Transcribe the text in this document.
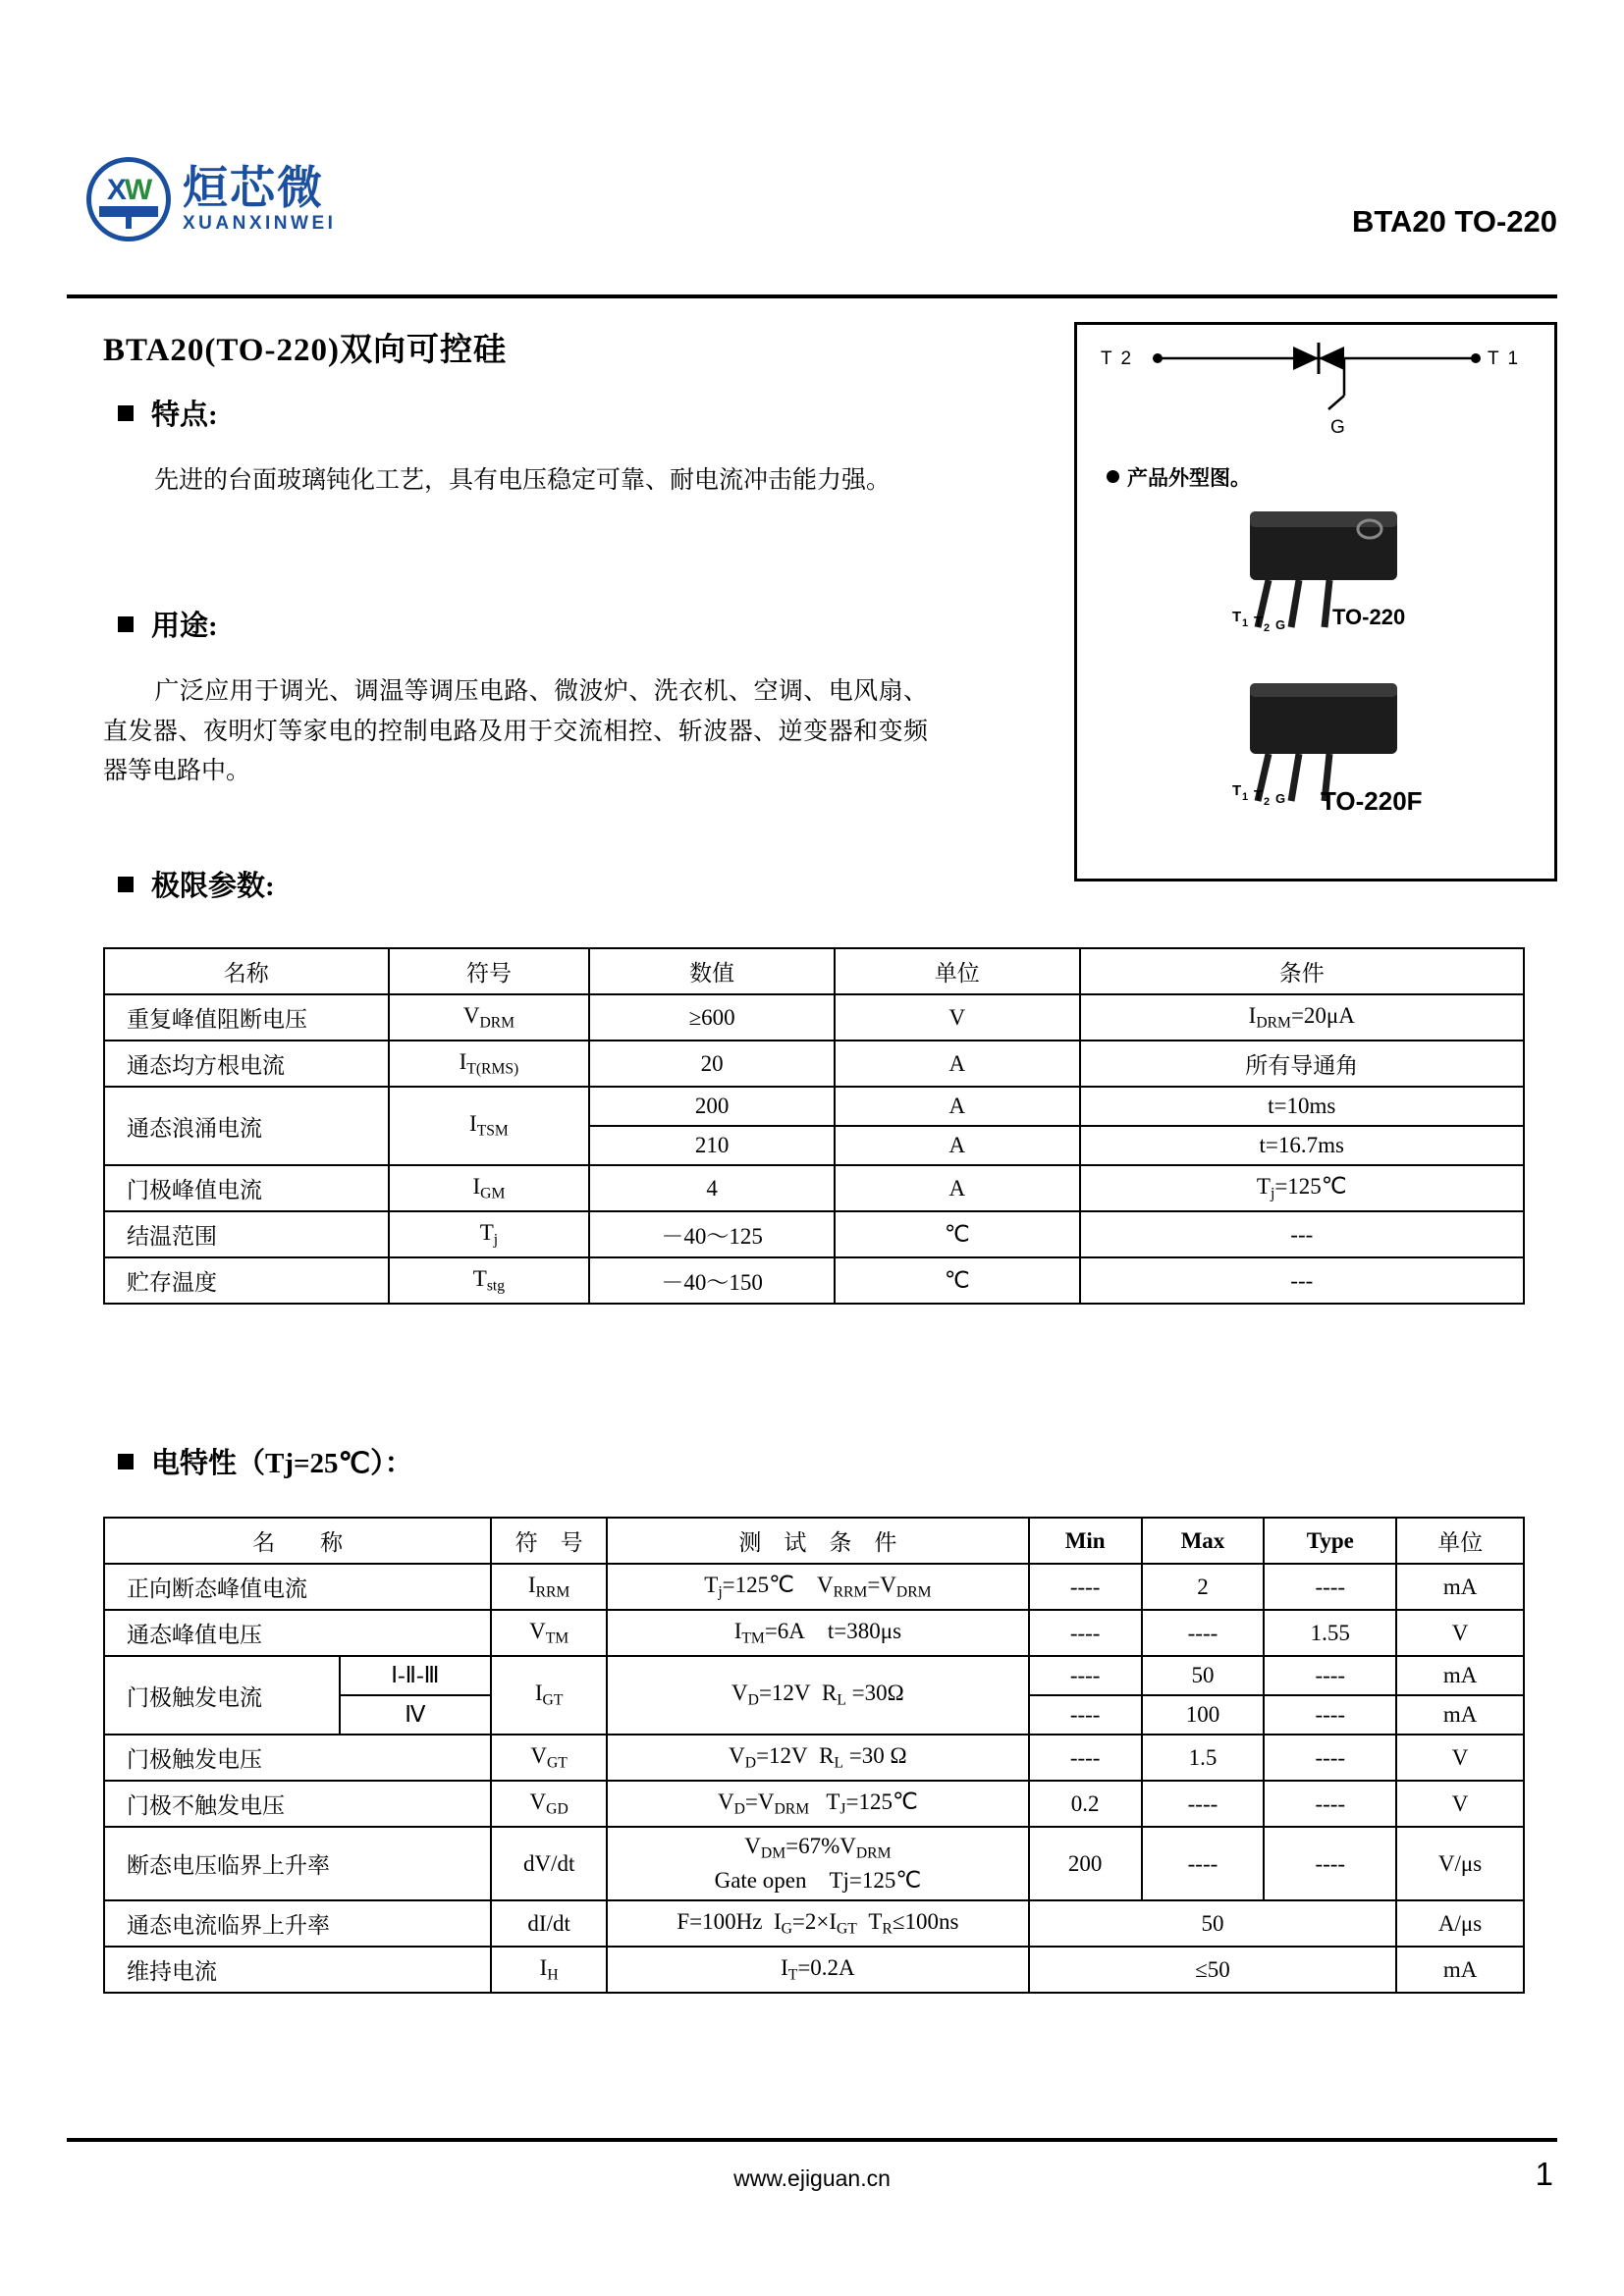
XW 烜芯微
XUANXINWEI	BTA20 TO-220
BTA20(TO-220)双向可控硅
特点:
先进的台面玻璃钝化工艺，具有电压稳定可靠、耐电流冲击能力强。
用途:
广泛应用于调光、调温等调压电路、微波炉、洗衣机、空调、电风扇、直发器、夜明灯等家电的控制电路及用于交流相控、斩波器、逆变器和变频器等电路中。
极限参数:
T 2	T 1
G
产品外型图。
T 1 T 2 G TO-220
T 1 T 2 G TO-220F
名称	符号	数值	单位	条件
重复峰值阻断电压	$V_{DRM}$	≥600	V	$I_{DRM}=20\mu A$
通态均方根电流	$I_{T(RMS)}$	20	A	所有导通角
通态浪涌电流	$I_{TSM}$	200	A	t=10ms
		210	A	t=16.7ms
门极峰值电流	$I_{GM}$	4	A	$T_j=125℃$
结温范围	$T_j$	－40～125	℃	---
贮存温度	$T_{stg}$	－40～150	℃	---
电特性（Tj=25℃）：
名　　称		符　号	测　试　条　件	Min	Max	Type	单位
正向断态峰值电流		$I_{RRM}$	$T_j=125℃$    $V_{RRM}=V_{DRM}$	----	2	----	mA
通态峰值电压		$V_{TM}$	$I_{TM}=6A$    t=380μs	----	----	1.55	V
门极触发电流	Ⅰ-Ⅱ-Ⅲ	$I_{GT}$	$V_D=12V$  $R_L =30\Omega$	----	50	----	mA
	Ⅳ			----	100	----	mA
门极触发电压		$V_{GT}$	$V_D=12V$  $R_L =30$ Ω	----	1.5	----	V
门极不触发电压		$V_{GD}$	$V_D=V_{DRM}$   $T_J=125℃$	0.2	----	----	V
断态电压临界上升率		dV/dt	$V_{DM}=67\%V_{DRM}$
Gate open    Tj=125℃	200	----	----	V/μs
通态电流临界上升率		dI/dt	F=100Hz  $I_G=2\times I_{GT}$  $T_R\le 100ns$	50			A/μs
维持电流		$I_H$	$I_T=0.2A$	≤50			mA
www.ejiguan.cn	1
